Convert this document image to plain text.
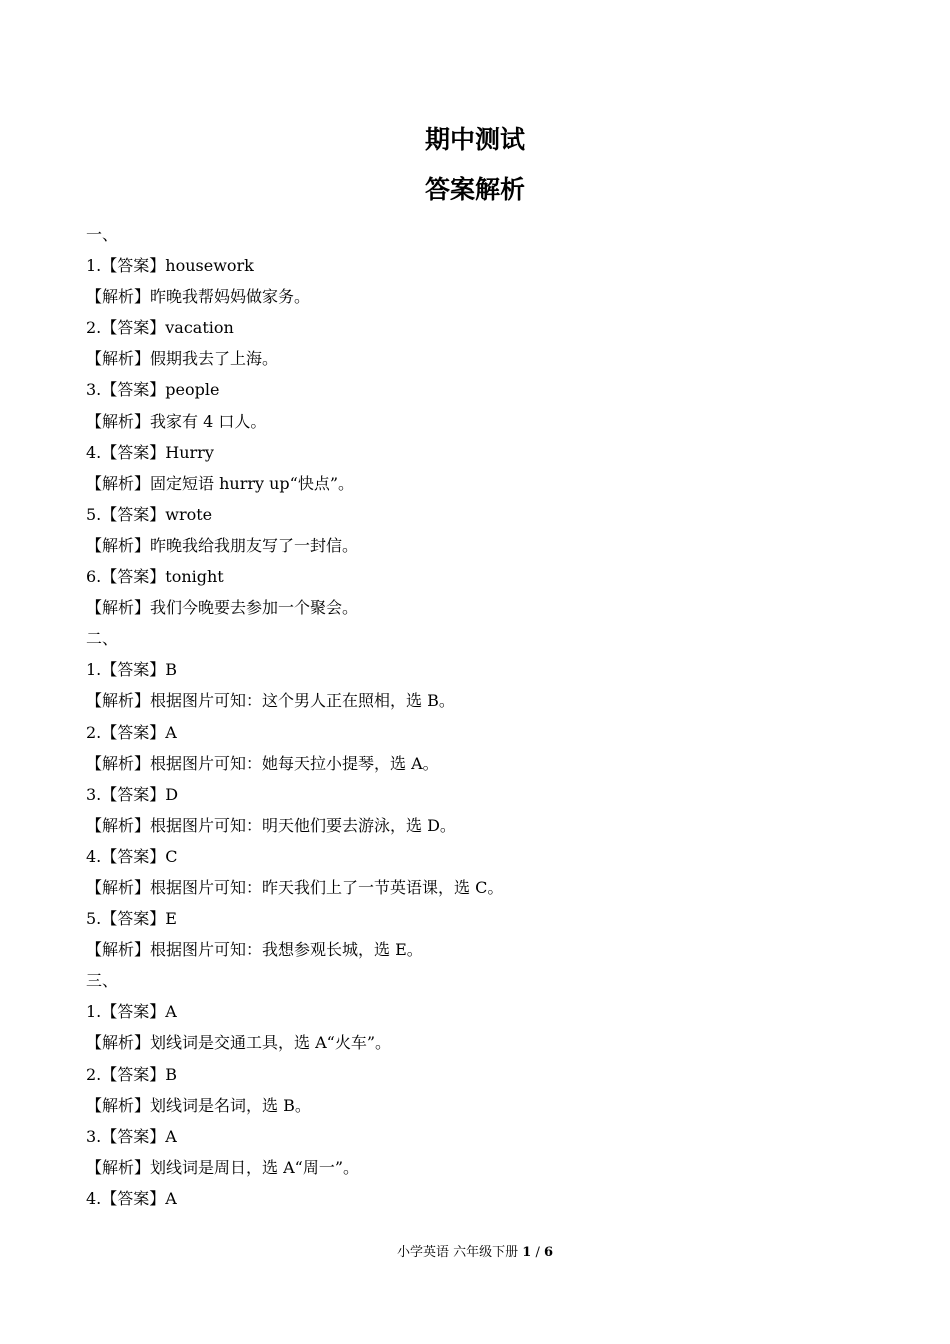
期中测试
答案解析
一、
1.【答案】housework
【解析】昨晚我帮妈妈做家务。
2.【答案】vacation
【解析】假期我去了上海。
3.【答案】people
【解析】我家有 4 口人。
4.【答案】Hurry
【解析】固定短语 hurry up“快点”。
5.【答案】wrote
【解析】昨晚我给我朋友写了一封信。
6.【答案】tonight
【解析】我们今晚要去参加一个聚会。
二、
1.【答案】B
【解析】根据图片可知：这个男人正在照相，选 B。
2.【答案】A
【解析】根据图片可知：她每天拉小提琴，选 A。
3.【答案】D
【解析】根据图片可知：明天他们要去游泳，选 D。
4.【答案】C
【解析】根据图片可知：昨天我们上了一节英语课，选 C。
5.【答案】E
【解析】根据图片可知：我想参观长城，选 E。
三、
1.【答案】A
【解析】划线词是交通工具，选 A“火车”。
2.【答案】B
【解析】划线词是名词，选 B。
3.【答案】A
【解析】划线词是周日，选 A“周一”。
4.【答案】A
小学英语 六年级下册 1 / 6
